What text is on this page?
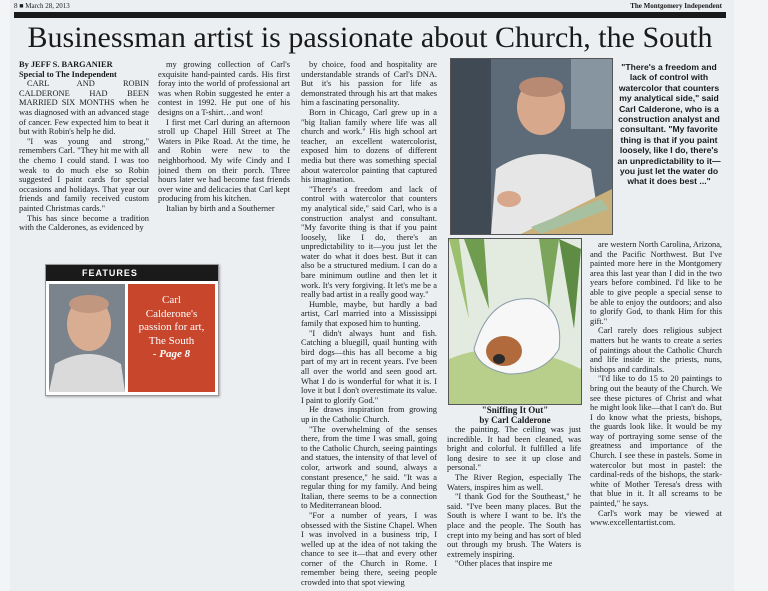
8 ■ March 28, 2013	The Montgomery Independent
Businessman artist is passionate about Church, the South

By JEFF S. BARGANIER

Special to The Independent

CARL AND ROBIN CALDERONE HAD BEEN MARRIED SIX MONTHS when he was diagnosed with an advanced stage of cancer. Few expected him to beat it but with Robin's help he did.

"I was young and strong," remembers Carl. "They hit me with all the chemo I could stand. I was too weak to do much else so Robin suggested I paint cards for special occasions and holidays. That year our friends and family received custom painted Christmas cards."

This has since become a tradition with the Calderones, as evidenced by

my growing collection of Carl's exquisite hand-painted cards. His first foray into the world of professional art was when Robin suggested he enter a contest in 1992. He put one of his designs on a T-shirt…and won!

I first met Carl during an afternoon stroll up Chapel Hill Street at The Waters in Pike Road. At the time, he and Robin were new to the neighborhood. My wife Cindy and I joined them on their porch. Three hours later we had become fast friends over wine and delicacies that Carl kept producing from his kitchen.

Italian by birth and a Southerner

by choice, food and hospitality are understandable strands of Carl's DNA. But it's his passion for life as demonstrated through his art that makes him a fascinating personality.

Born in Chicago, Carl grew up in a "big Italian family where life was all church and work." His high school art teacher, an excellent watercolorist, exposed him to dozens of different media but there was something special about watercolor painting that captured his imagination.

"There's a freedom and lack of control with watercolor that counters my analytical side," said Carl, who is a construction analyst and consultant. "My favorite thing is that if you paint loosely, like I do, there's an unpredictability to it—you just let the water do what it does best. But it can also be a structured medium. I can do a bare minimum outline and then let it work. It's very forgiving. It let's me be a really bad artist in a really good way."

Humble, maybe, but hardly a bad artist, Carl married into a Mississippi family that exposed him to hunting.

"I didn't always hunt and fish. Catching a bluegill, quail hunting with bird dogs—this has all become a big part of my art in recent years. I've been all over the world and seen good art. What I do is wonderful for what it is. I love it but I don't overestimate its value. I paint to glorify God."

He draws inspiration from growing up in the Catholic Church.

"The overwhelming of the senses there, from the time I was small, going to the Catholic Church, seeing paintings and statues, the intensity of that level of color, artwork and sound, always a constant presence," he said. "It was a regular thing for my family. And being Italian, there seems to be a connection to Mediterranean blood.

"For a number of years, I was obsessed with the Sistine Chapel. When I was involved in a business trip, I welled up at the idea of not taking the chance to see it—that and every other corner of the Church in Rome. I remember being there, seeing people crowded into that spot viewing

the painting. The ceiling was just incredible. It had been cleaned, was bright and colorful. It fulfilled a life long desire to see it up close and personal."

The River Region, especially The Waters, inspires him as well.

"I thank God for the Southeast," he said. "I've been many places. But the South is where I want to be. It's the place and the people. The South has crept into my being and has sort of bled out through my brush. The Waters is extremely inspiring.

"Other places that inspire me

are western North Carolina, Arizona, and the Pacific Northwest. But I've painted more here in the Montgomery area this last year than I did in the two years before combined. I'd like to be able to give people a special sense to be able to enjoy the outdoors; and also to glorify God, to thank Him for this gift."

Carl rarely does religious subject matters but he wants to create a series of paintings about the Catholic Church and life inside it: the priests, nuns, bishops and cardinals.

"I'd like to do 15 to 20 paintings to bring out the beauty of the Church. We see these pictures of Christ and what he might look like—that I can't do. But I do know what the priests, bishops, the guards look like. It would be my way of portraying some sense of the greatness and importance of the Church. I see these in pastels. Some in watercolor but most in pastel: the cardinal-reds of the bishops, the stark-white of Mother Teresa's dress with that blue in it. It all screams to be painted," he says.

Carl's work may be viewed at www.excellentartist.com.

"There's a freedom and lack of control with watercolor that counters my analytical side," said Carl Calderone, who is a construction analyst and consultant. "My favorite thing is that if you paint loosely, like I do, there's an unpredictability to it—you just let the water do what it does best ..."
"Sniffing It Out"
by Carl Calderone
FEATURES
Carl
Calderone's
passion for art,
The South
- Page 8
